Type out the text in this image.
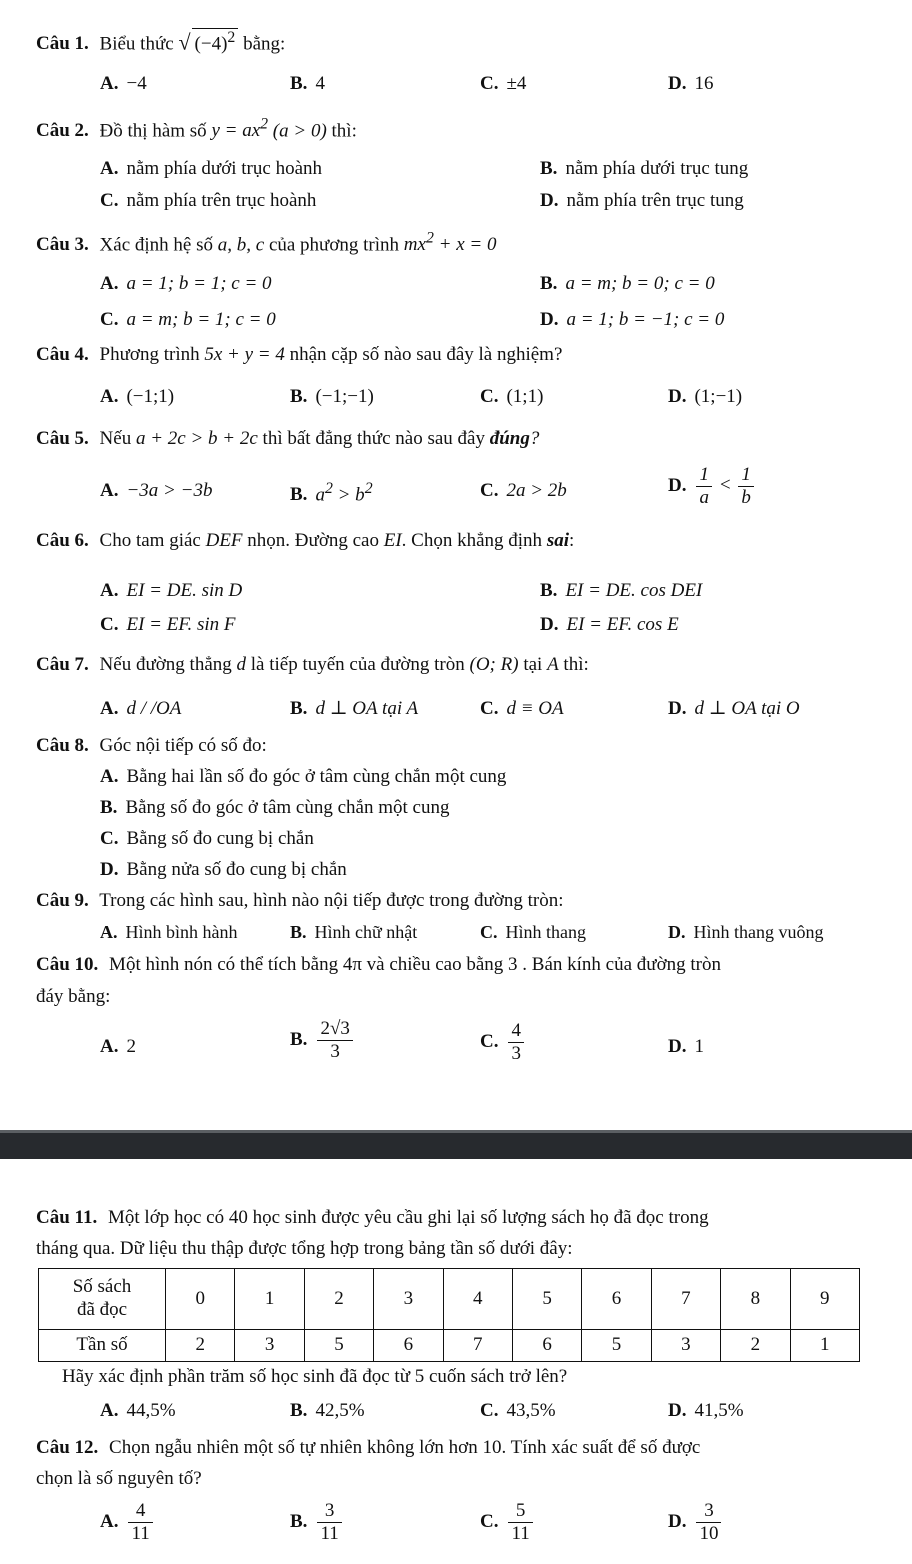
Câu 1. Biểu thức √ $(-4)^2$ bằng:
A. −4	B. 4	C. ±4	D. 16
Câu 2. Đồ thị hàm số $y = ax^2$ (a > 0) thì:
A. nằm phía dưới trục hoành	B. nằm phía dưới trục tung
C. nằm phía trên trục hoành	D. nằm phía trên trục tung
Câu 3. Xác định hệ số a, b, c của phương trình $mx^2 + x = 0$
A. a = 1; b = 1; c = 0	B. a = m; b = 0; c = 0
C. a = m; b = 1; c = 0	D. a = 1; b = −1; c = 0
Câu 4. Phương trình 5x + y = 4 nhận cặp số nào sau đây là nghiệm?
A. (−1;1)	B. (−1;−1)	C. (1;1)	D. (1;−1)
Câu 5. Nếu a + 2c > b + 2c thì bất đẳng thức nào sau đây đúng?
A. −3a > −3b	B. $a^2 > b^2$	C. 2a > 2b	D. $\frac{1}{a} < \frac{1}{b}$
Câu 6. Cho tam giác DEF nhọn. Đường cao EI. Chọn khẳng định sai:
A. EI = DE. sin D	B. EI = DE. cos DEI
C. EI = EF. sin F	D. EI = EF. cos E
Câu 7. Nếu đường thẳng d là tiếp tuyến của đường tròn (O; R) tại A thì:
A. d / /OA	B. d ⊥ OA tại A	C. d ≡ OA	D. d ⊥ OA tại O
Câu 8. Góc nội tiếp có số đo:
A. Bằng hai lần số đo góc ở tâm cùng chắn một cung
B. Bằng số đo góc ở tâm cùng chắn một cung
C. Bằng số đo cung bị chắn
D. Bằng nửa số đo cung bị chắn
Câu 9. Trong các hình sau, hình nào nội tiếp được trong đường tròn:
A. Hình bình hành	B. Hình chữ nhật	C. Hình thang	D. Hình thang vuông
Câu 10. Một hình nón có thể tích bằng 4π và chiều cao bằng 3 . Bán kính của đường tròn
đáy bằng:
A. 2	B. $\frac{2√3}{3}$	C. $\frac{4}{3}$	D. 1
Câu 11. Một lớp học có 40 học sinh được yêu cầu ghi lại số lượng sách họ đã đọc trong
tháng qua. Dữ liệu thu thập được tổng hợp trong bảng tần số dưới đây:
Số sách
đã đọc	0	1	2	3	4	5	6	7	8	9
Tần số	2	3	5	6	7	6	5	3	2	1
Hãy xác định phần trăm số học sinh đã đọc từ 5 cuốn sách trở lên?
A. 44,5%	B. 42,5%	C. 43,5%	D. 41,5%
Câu 12. Chọn ngẫu nhiên một số tự nhiên không lớn hơn 10. Tính xác suất để số được
chọn là số nguyên tố?
A. $\frac{4}{11}$	B. $\frac{3}{11}$	C. $\frac{5}{11}$	D. $\frac{3}{10}$
